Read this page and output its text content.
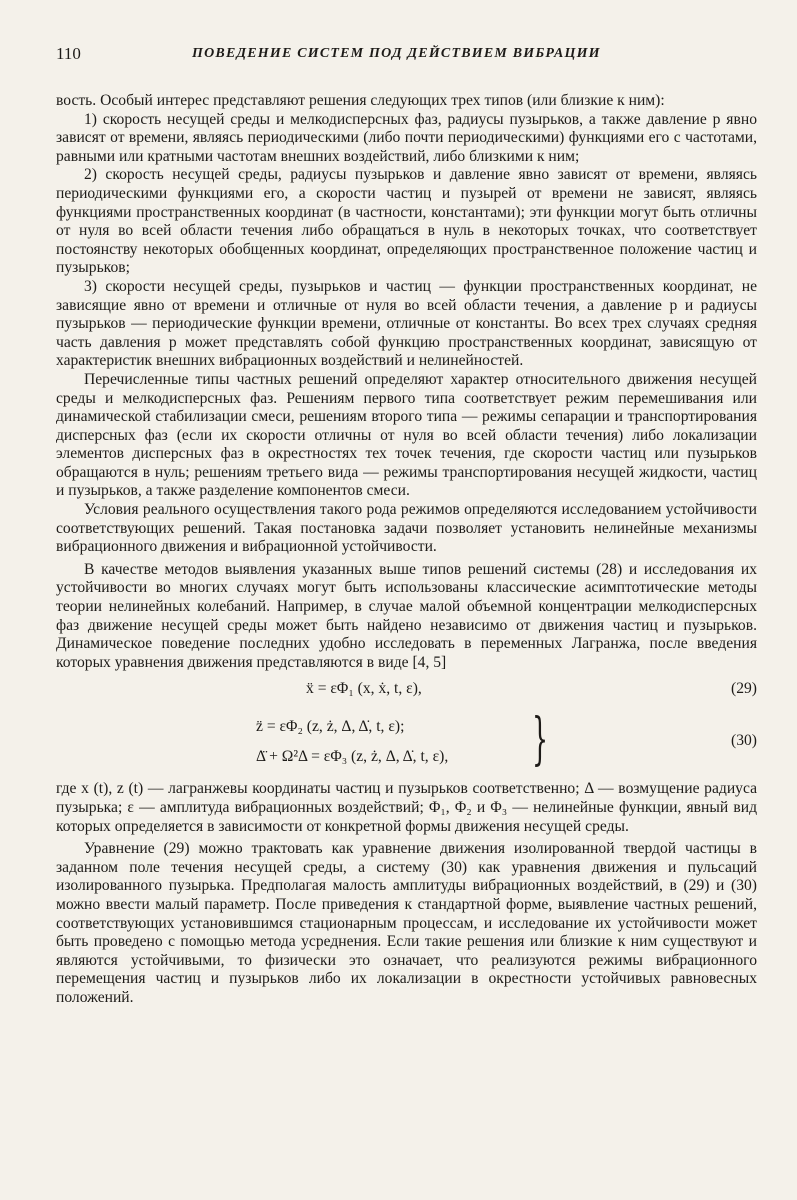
110	ПОВЕДЕНИЕ СИСТЕМ ПОД ДЕЙСТВИЕМ ВИБРАЦИИ

вость. Особый интерес представляют решения следующих трех типов (или близкие к ним):

1) скорость несущей среды и мелкодисперсных фаз, радиусы пузырьков, а также давление p явно зависят от времени, являясь периодическими (либо почти периодическими) функциями его с частотами, равными или кратными частотам внешних воздействий, либо близкими к ним;

2) скорость несущей среды, радиусы пузырьков и давление явно зависят от времени, являясь периодическими функциями его, а скорости частиц и пузырей от времени не зависят, являясь функциями пространственных координат (в частности, константами); эти функции могут быть отличны от нуля во всей области течения либо обращаться в нуль в некоторых точках, что соответствует постоянству некоторых обобщенных координат, определяющих пространственное положение частиц и пузырьков;

3) скорости несущей среды, пузырьков и частиц — функции пространственных координат, не зависящие явно от времени и отличные от нуля во всей области течения, а давление p и радиусы пузырьков — периодические функции времени, отличные от константы. Во всех трех случаях средняя часть давления p может представлять собой функцию пространственных координат, зависящую от характеристик внешних вибрационных воздействий и нелинейностей.

Перечисленные типы частных решений определяют характер относительного движения несущей среды и мелкодисперсных фаз. Решениям первого типа соответствует режим перемешивания или динамической стабилизации смеси, решениям второго типа — режимы сепарации и транспортирования дисперсных фаз (если их скорости отличны от нуля во всей области течения) либо локализации элементов дисперсных фаз в окрестностях тех точек течения, где скорости частиц или пузырьков обращаются в нуль; решениям третьего вида — режимы транспортирования несущей жидкости, частиц и пузырьков, а также разделение компонентов смеси.

Условия реального осуществления такого рода режимов определяются исследованием устойчивости соответствующих решений. Такая постановка задачи позволяет установить нелинейные механизмы вибрационного движения и вибрационной устойчивости.

В качестве методов выявления указанных выше типов решений системы (28) и исследования их устойчивости во многих случаях могут быть использованы классические асимптотические методы теории нелинейных колебаний. Например, в случае малой объемной концентрации мелкодисперсных фаз движение несущей среды может быть найдено независимо от движения частиц и пузырьков. Динамическое поведение последних удобно исследовать в переменных Лагранжа, после введения которых уравнения движения представляются в виде [4, 5]

ẍ = εΦ₁ (x, ẋ, t, ε),	(29)
z̈ = εΦ₂ (z, ż, Δ, Δ̇, t, ε);
Δ̈ + Ω²Δ = εΦ₃ (z, ż, Δ, Δ̇, t, ε), }	(30)

где x (t), z (t) — лагранжевы координаты частиц и пузырьков соответственно; Δ — возмущение радиуса пузырька; ε — амплитуда вибрационных воздействий; Φ₁, Φ₂ и Φ₃ — нелинейные функции, явный вид которых определяется в зависимости от конкретной формы движения несущей среды.

Уравнение (29) можно трактовать как уравнение движения изолированной твердой частицы в заданном поле течения несущей среды, а систему (30) как уравнения движения и пульсаций изолированного пузырька. Предполагая малость амплитуды вибрационных воздействий, в (29) и (30) можно ввести малый параметр. После приведения к стандартной форме, выявление частных решений, соответствующих установившимся стационарным процессам, и исследование их устойчивости может быть проведено с помощью метода усреднения. Если такие решения или близкие к ним существуют и являются устойчивыми, то физически это означает, что реализуются режимы вибрационного перемещения частиц и пузырьков либо их локализации в окрестности устойчивых равновесных положений.
